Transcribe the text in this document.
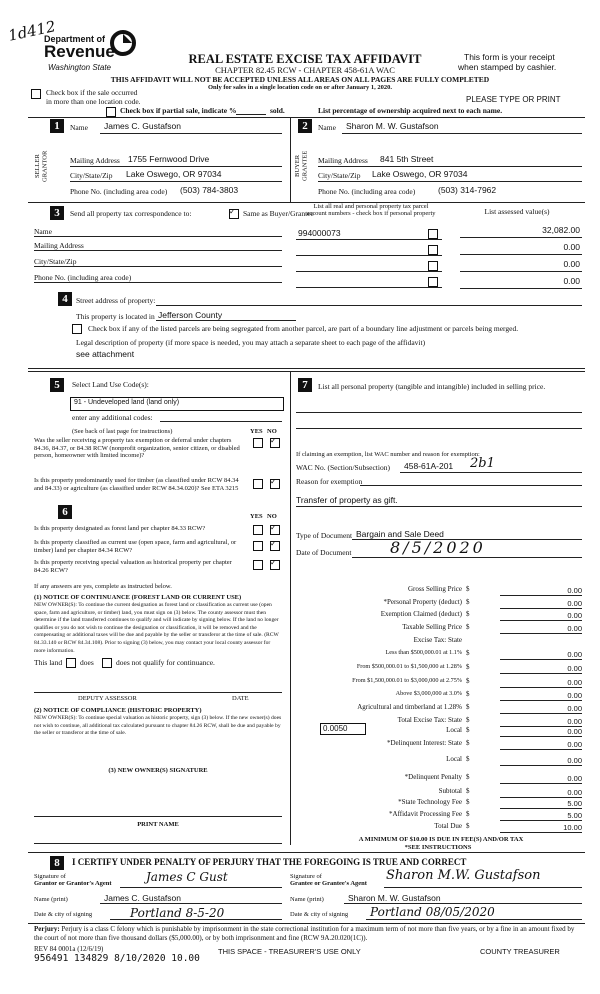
1d412
Department of
Revenue
Washington State
REAL ESTATE EXCISE TAX AFFIDAVIT
CHAPTER 82.45 RCW - CHAPTER 458-61A WAC
THIS AFFIDAVIT WILL NOT BE ACCEPTED UNLESS ALL AREAS ON ALL PAGES ARE FULLY COMPLETED
Only for sales in a single location code on or after January 1, 2020.
This form is your receipt
when stamped by cashier.
PLEASE TYPE OR PRINT
Check box if the sale occurred
in more than one location code.
Check box if partial sale, indicate %	sold.	List percentage of ownership acquired next to each name.
1	Name James C. Gustafson
SELLER GRANTOR	Mailing Address 1755 Fernwood Drive
City/State/Zip Lake Oswego, OR 97034
Phone No. (including area code) (503) 784-3803
2	Name Sharon M. W. Gustafson
BUYER GRANTEE	Mailing Address 841 5th Street
City/State/Zip Lake Oswego, OR 97034
Phone No. (including area code)	(503) 314-7962
3	Send all property tax correspondence to:	✓ Same as Buyer/Grantee
List all real and personal property tax parcel
account numbers - check box if personal property	List assessed value(s)
Name
Mailing Address
City/State/Zip
Phone No. (including area code)
994000073	32,082.00
0.00
0.00
0.00
4	Street address of property:
This property is located in Jefferson County
Check box if any of the listed parcels are being segregated from another parcel, are part of a boundary line adjustment or parcels being merged.
Legal description of property (if more space is needed, you may attach a separate sheet to each page of the affidavit)
see attachment
5	Select Land Use Code(s):
91 - Undeveloped land (land only)
enter any additional codes:
(See back of last page for instructions)	YES NO
Was the seller receiving a property tax exemption or deferral under chapters 84.36, 84.37, or 84.38 RCW (nonprofit organization, senior citizen, or disabled person, homeowner with limited income)?
✓
Is this property predominantly used for timber (as classified under RCW 84.34 and 84.33) or agriculture (as classified under RCW 84.34.020)? See ETA 3215
✓
6	YES NO
Is this property designated as forest land per chapter 84.33 RCW?	✓
Is this property classified as current use (open space, farm and agricultural, or timber) land per chapter 84.34 RCW?
✓
Is this property receiving special valuation as historical property per chapter 84.26 RCW?
✓
If any answers are yes, complete as instructed below.
(1) NOTICE OF CONTINUANCE (FOREST LAND OR CURRENT USE)
NEW OWNER(S): To continue the current designation as forest land or classification as current use (open space, farm and agriculture, or timber) land, you must sign on (3) below. The county assessor must then determine if the land transferred continues to qualify and will indicate by signing below. If the land no longer qualifies or you do not wish to continue the designation or classification, it will be removed and the compensating or additional taxes will be due and payable by the seller or transferor at the time of sale. (RCW 84.33.140 or RCW 84.34.108). Prior to signing (3) below, you may contact your local county assessor for more information.
This land does	does not qualify for continuance.
DEPUTY ASSESSOR	DATE
(2) NOTICE OF COMPLIANCE (HISTORIC PROPERTY)
NEW OWNER(S): To continue special valuation as historic property, sign (3) below. If the new owner(s) does not wish to continue, all additional tax calculated pursuant to chapter 84.26 RCW, shall be due and payable by the seller or transferor at the time of sale.
(3) NEW OWNER(S) SIGNATURE
PRINT NAME
7	List all personal property (tangible and intangible) included in selling price.
If claiming an exemption, list WAC number and reason for exemption:
WAC No. (Section/Subsection) 458-61A-201 2b1
Reason for exemption
Transfer of property as gift.
Type of Document Bargain and Sale Deed
Date of Document 8/5/2020
Gross Selling Price $	0.00
*Personal Property (deduct) $	0.00
Exemption Claimed (deduct) $	0.00
Taxable Selling Price $	0.00
Excise Tax: State
Less than $500,000.01 at 1.1% $	0.00
From $500,000.01 to $1,500,000 at 1.28% $	0.00
From $1,500,000.01 to $3,000,000 at 2.75% $	0.00
Above $3,000,000 at 3.0% $	0.00
Agricultural and timberland at 1.28% $	0.00
Total Excise Tax: State $	0.00
Local $	0.00
*Delinquent Interest: State $	0.00
Local $	0.00
*Delinquent Penalty $	0.00
Subtotal $	0.00
*State Technology Fee $	5.00
*Affidavit Processing Fee $	5.00
Total Due $	10.00
0.0050
A MINIMUM OF $10.00 IS DUE IN FEE(S) AND/OR TAX
*SEE INSTRUCTIONS
8	I CERTIFY UNDER PENALTY OF PERJURY THAT THE FOREGOING IS TRUE AND CORRECT
Signature of
Grantor or Grantor's Agent	James C Gust
Name (print)	James C. Gustafson
Date & city of signing	Portland 8-5-20
Signature of
Grantee or Grantee's Agent
Sharon M.W. Gustafson
Name (print)	Sharon M. W. Gustafson
Date & city of signing Portland 08/05/2020
Perjury: Perjury is a class C felony which is punishable by imprisonment in the state correctional institution for a maximum term of not more than five years, or by a fine in an amount fixed by the court of not more than five thousand dollars ($5,000.00), or by both imprisonment and fine (RCW 9A.20.020(1C)).
REV 84 0001a (12/6/19)
956491 134829 8/10/2020 10.00
THIS SPACE - TREASURER'S USE ONLY	COUNTY TREASURER
